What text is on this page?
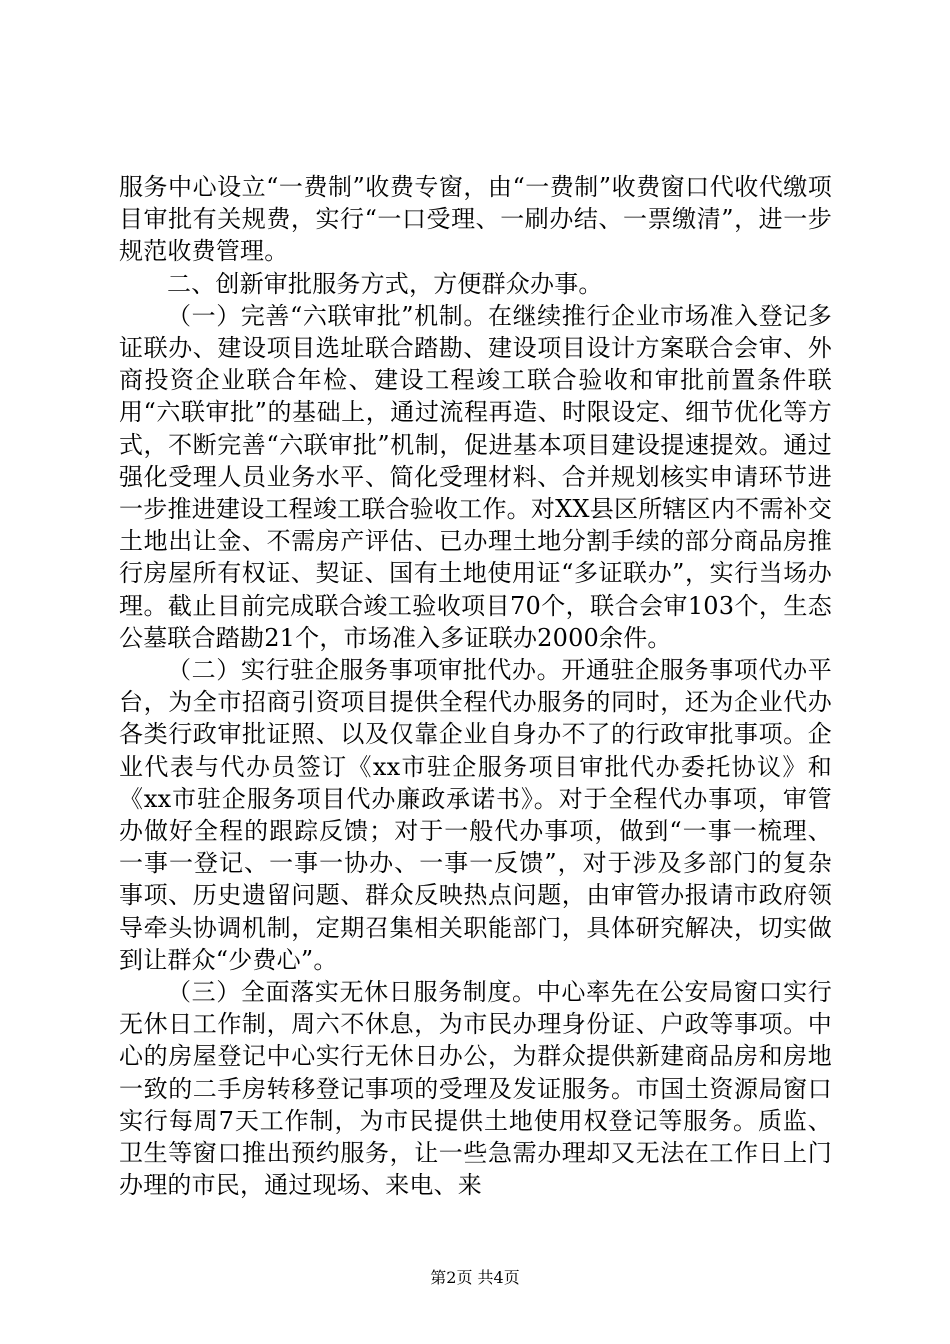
服务中心设立“一费制”收费专窗，由“一费制”收费窗口代收代缴项目审批有关规费，实行“一口受理、一刷办结、一票缴清”，进一步规范收费管理。

二、创新审批服务方式，方便群众办事。

（一）完善“六联审批”机制。在继续推行企业市场准入登记多证联办、建设项目选址联合踏勘、建设项目设计方案联合会审、外商投资企业联合年检、建设工程竣工联合验收和审批前置条件联用“六联审批”的基础上，通过流程再造、时限设定、细节优化等方式，不断完善“六联审批”机制，促进基本项目建设提速提效。通过强化受理人员业务水平、简化受理材料、合并规划核实申请环节进一步推进建设工程竣工联合验收工作。对XX县区所辖区内不需补交土地出让金、不需房产评估、已办理土地分割手续的部分商品房推行房屋所有权证、契证、国有土地使用证“多证联办”，实行当场办理。截止目前完成联合竣工验收项目70个，联合会审103个，生态公墓联合踏勘21个，市场准入多证联办2000余件。

（二）实行驻企服务事项审批代办。开通驻企服务事项代办平台，为全市招商引资项目提供全程代办服务的同时，还为企业代办各类行政审批证照、以及仅靠企业自身办不了的行政审批事项。企业代表与代办员签订《xx市驻企服务项目审批代办委托协议》和《xx市驻企服务项目代办廉政承诺书》。对于全程代办事项，审管办做好全程的跟踪反馈；对于一般代办事项，做到“一事一梳理、一事一登记、一事一协办、一事一反馈”，对于涉及多部门的复杂事项、历史遗留问题、群众反映热点问题，由审管办报请市政府领导牵头协调机制，定期召集相关职能部门，具体研究解决，切实做到让群众“少费心”。

（三）全面落实无休日服务制度。中心率先在公安局窗口实行无休日工作制，周六不休息，为市民办理身份证、户政等事项。中心的房屋登记中心实行无休日办公，为群众提供新建商品房和房地一致的二手房转移登记事项的受理及发证服务。市国土资源局窗口实行每周7天工作制，为市民提供土地使用权登记等服务。质监、卫生等窗口推出预约服务，让一些急需办理却又无法在工作日上门办理的市民，通过现场、来电、来

第2页 共4页
